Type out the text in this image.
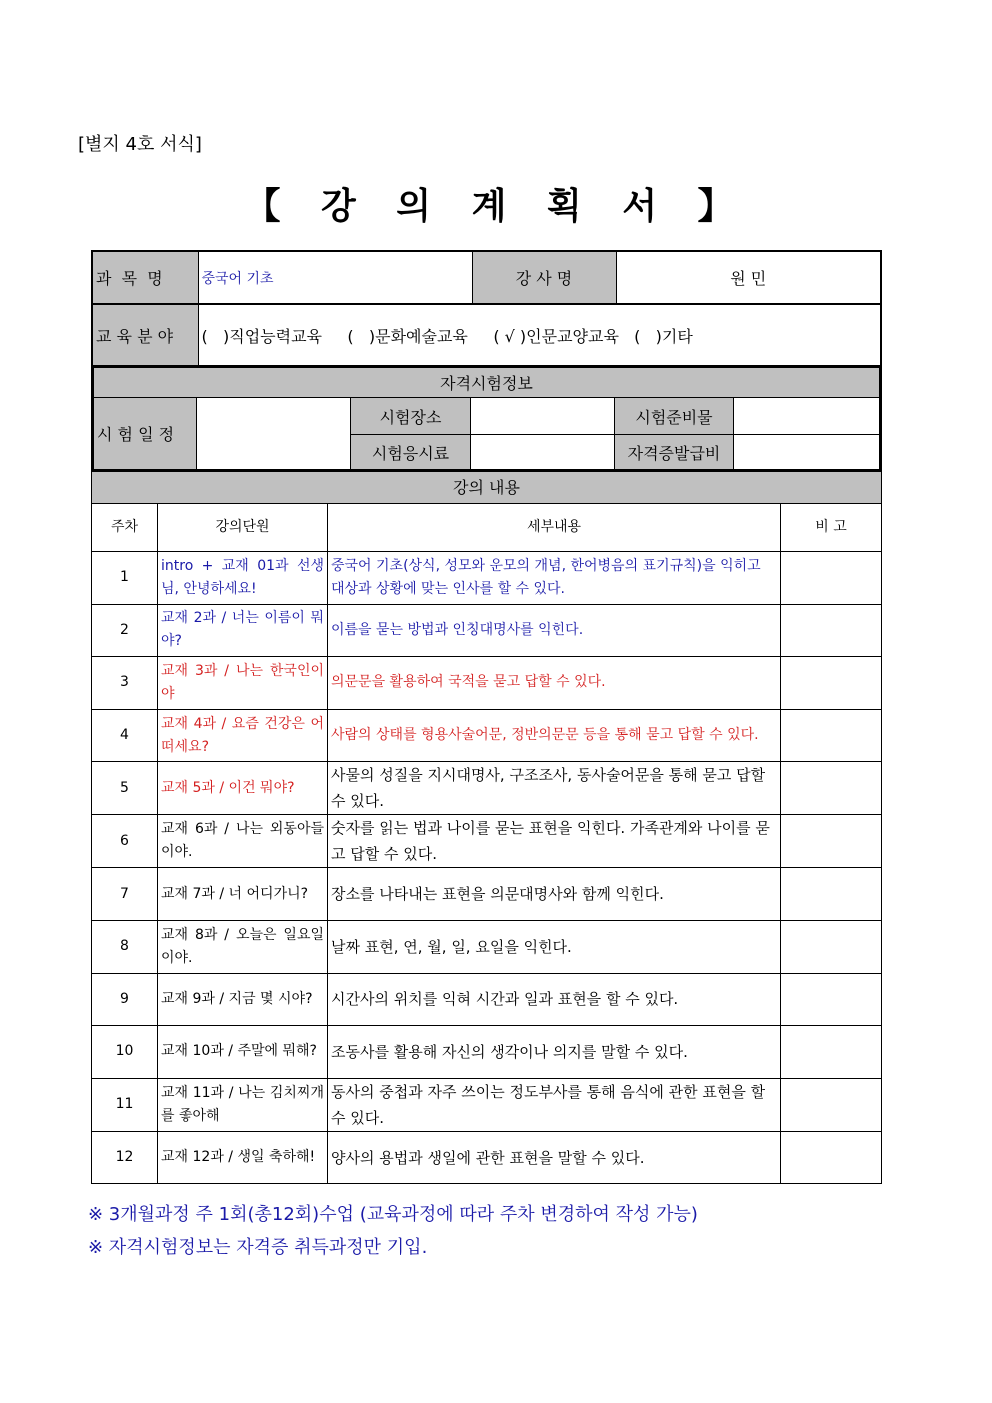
[별지 4호 서식]
【 강 의 계 획 서 】
과  목  명	중국어 기초	강 사 명	원 민
교 육 분 야	(   )직업능력교육     (   )문화예술교육     ( √ )인문교양교육   (   )기타		
자격시험정보					
시 험 일 정		시험장소		시험준비물	
		시험응시료		자격증발급비	
강의 내용			
주차	강의단원	세부내용	비 고
1	intro + 교재 01과 선생님, 안녕하세요!	중국어 기초(상식, 성모와 운모의 개념, 한어병음의 표기규칙)을 익히고 대상과 상황에 맞는 인사를 할 수 있다.	
2	교재 2과 / 너는 이름이 뭐야?	이름을 묻는 방법과 인칭대명사를 익힌다.	
3	교재 3과 / 나는 한국인이야	의문문을 활용하여 국적을 묻고 답할 수 있다.	
4	교재 4과 / 요즘 건강은 어떠세요?	사람의 상태를 형용사술어문, 정반의문문 등을 통해 묻고 답할 수 있다.	
5	교재 5과 / 이건 뭐야?	사물의 성질을 지시대명사, 구조조사, 동사술어문을 통해 묻고 답할 수 있다.	
6	교재 6과 / 나는 외동아들이야.	숫자를 읽는 법과 나이를 묻는 표현을 익힌다. 가족관계와 나이를 묻고 답할 수 있다.	
7	교재 7과 / 너 어디가니?	장소를 나타내는 표현을 의문대명사와 함께 익힌다.	
8	교재 8과 / 오늘은 일요일이야.	날짜 표현, 연, 월, 일, 요일을 익힌다.	
9	교재 9과 / 지금 몇 시야?	시간사의 위치를 익혀 시간과 일과 표현을 할 수 있다.	
10	교재 10과 / 주말에 뭐해?	조동사를 활용해 자신의 생각이나 의지를 말할 수 있다.	
11	교재 11과 / 나는 김치찌개를 좋아해	동사의 중첩과 자주 쓰이는 정도부사를 통해 음식에 관한 표현을 할 수 있다.	
12	교재 12과 / 생일 축하해!	양사의 용법과 생일에 관한 표현을 말할 수 있다.	
※ 3개월과정 주 1회(총12회)수업 (교육과정에 따라 주차 변경하여 작성 가능)
※ 자격시험정보는 자격증 취득과정만 기입.
